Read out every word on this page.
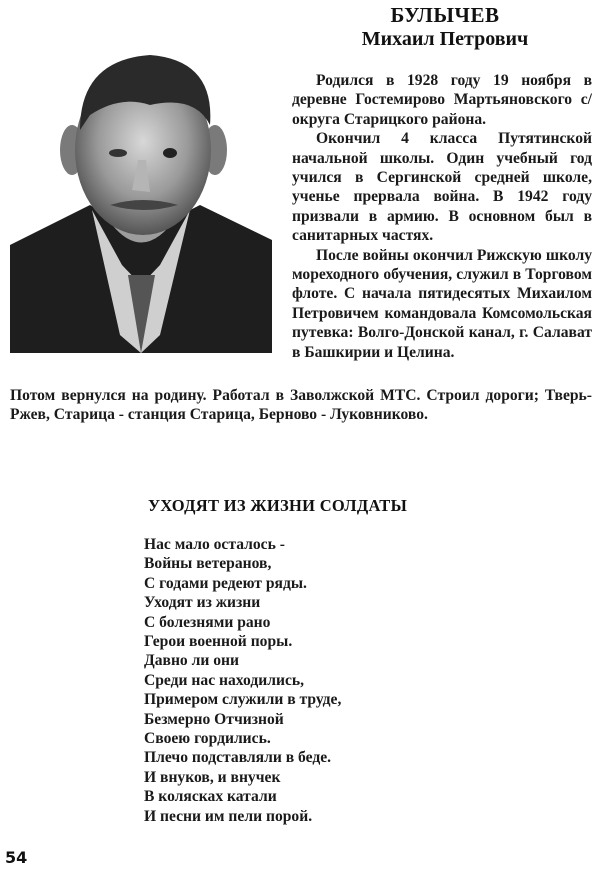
БУЛЫЧЕВ
Михаил Петрович

Родился в 1928 году 19 ноября в деревне Гостемирово Мартьяновского с/округа Старицкого района.

Окончил 4 класса Путятинской начальной школы. Один учебный год учился в Сергинской средней школе, ученье прервала война. В 1942 году призвали в армию. В основном был в санитарных частях.

После войны окончил Рижскую школу мореходного обучения, служил в Торговом флоте. С начала пятидесятых Михаилом Петровичем командовала Комсомольская путевка: Волго-Донской канал, г. Салават в Башкирии и Целина.

Потом вернулся на родину. Работал в Заволжской МТС. Строил дороги; Тверь-Ржев, Старица - станция Старица, Берново - Луковниково.

УХОДЯТ ИЗ ЖИЗНИ СОЛДАТЫ
Нас мало осталось -
Войны ветеранов,
С годами редеют ряды.
Уходят из жизни
С болезнями рано
Герои военной поры.
Давно ли они
Среди нас находились,
Примером служили в труде,
Безмерно Отчизной
Своею гордились.
Плечо подставляли в беде.
И внуков, и внучек
В колясках катали
И песни им пели порой.
54
